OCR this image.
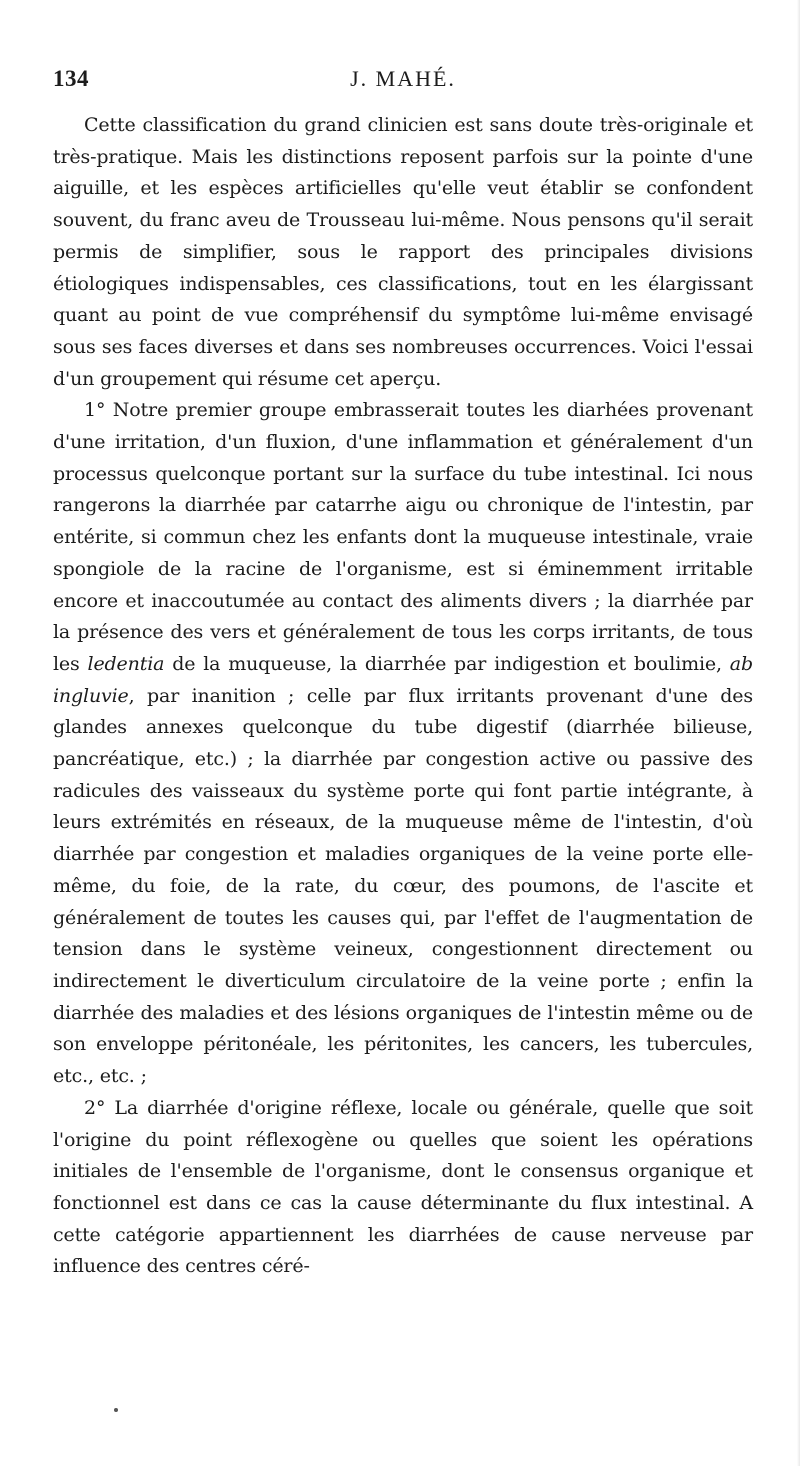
134	J. MAHÉ.

Cette classification du grand clinicien est sans doute très-originale et très-pratique. Mais les distinctions reposent parfois sur la pointe d'une aiguille, et les espèces artificielles qu'elle veut établir se confondent souvent, du franc aveu de Trousseau lui-même. Nous pensons qu'il serait permis de simplifier, sous le rapport des principales divisions étiologiques indispensables, ces classifications, tout en les élargissant quant au point de vue compréhensif du symptôme lui-même envisagé sous ses faces diverses et dans ses nombreuses occurrences. Voici l'essai d'un groupement qui résume cet aperçu.

1° Notre premier groupe embrasserait toutes les diarhées provenant d'une irritation, d'un fluxion, d'une inflammation et généralement d'un processus quelconque portant sur la surface du tube intestinal. Ici nous rangerons la diarrhée par catarrhe aigu ou chronique de l'intestin, par entérite, si commun chez les enfants dont la muqueuse intestinale, vraie spongiole de la racine de l'organisme, est si éminemment irritable encore et inaccoutumée au contact des aliments divers ; la diarrhée par la présence des vers et généralement de tous les corps irritants, de tous les ledentia de la muqueuse, la diarrhée par indigestion et boulimie, ab ingluvie, par inanition ; celle par flux irritants provenant d'une des glandes annexes quelconque du tube digestif (diarrhée bilieuse, pancréatique, etc.) ; la diarrhée par congestion active ou passive des radicules des vaisseaux du système porte qui font partie intégrante, à leurs extrémités en réseaux, de la muqueuse même de l'intestin, d'où diarrhée par congestion et maladies organiques de la veine porte elle-même, du foie, de la rate, du cœur, des poumons, de l'ascite et généralement de toutes les causes qui, par l'effet de l'augmentation de tension dans le système veineux, congestionnent directement ou indirectement le diverticulum circulatoire de la veine porte ; enfin la diarrhée des maladies et des lésions organiques de l'intestin même ou de son enveloppe péritonéale, les péritonites, les cancers, les tubercules, etc., etc. ;

2° La diarrhée d'origine réflexe, locale ou générale, quelle que soit l'origine du point réflexogène ou quelles que soient les opérations initiales de l'ensemble de l'organisme, dont le consensus organique et fonctionnel est dans ce cas la cause déterminante du flux intestinal. A cette catégorie appartiennent les diarrhées de cause nerveuse par influence des centres céré-
